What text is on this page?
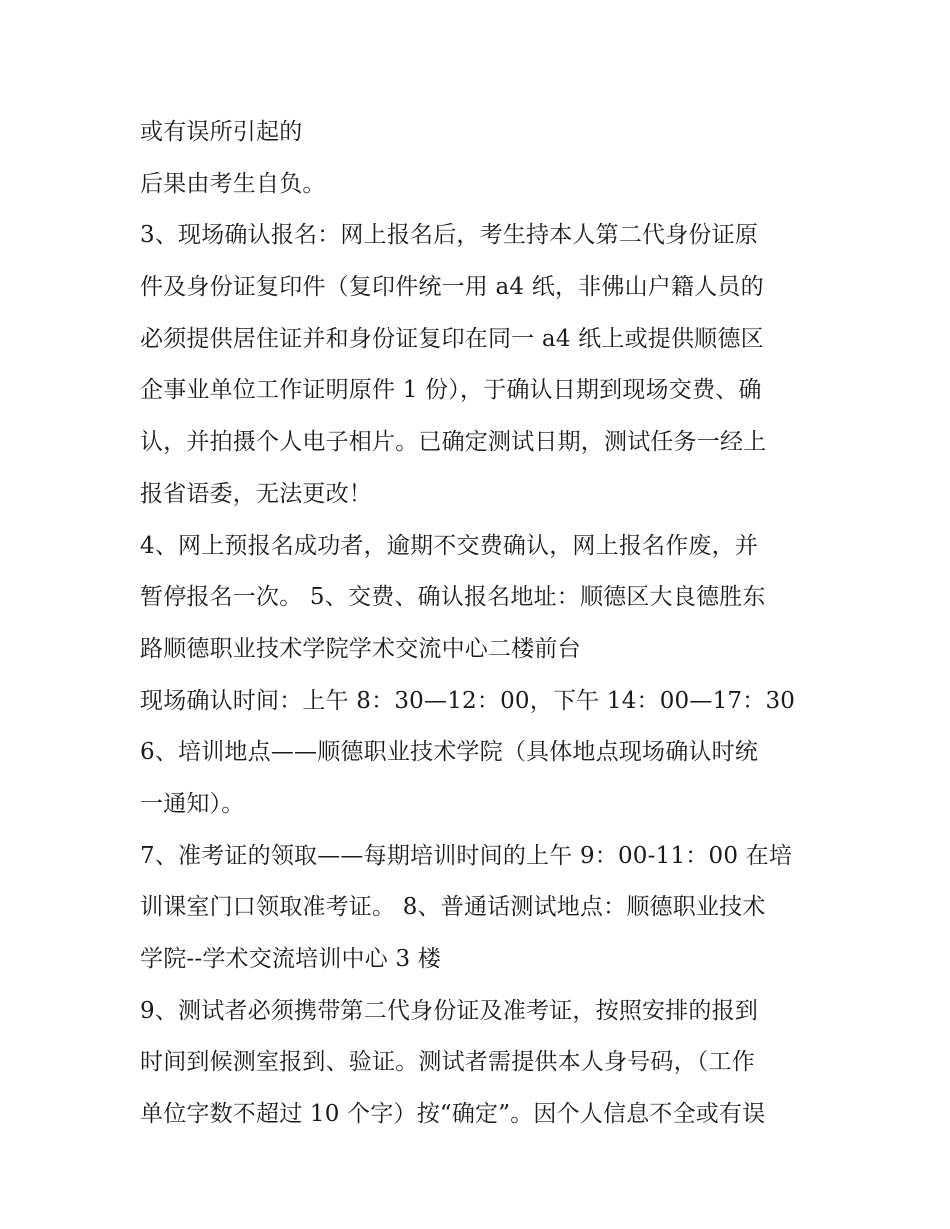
或有误所引起的
后果由考生自负。
3、现场确认报名：网上报名后，考生持本人第二代身份证原
件及身份证复印件（复印件统一用 a4 纸，非佛山户籍人员的
必须提供居住证并和身份证复印在同一 a4 纸上或提供顺德区
企事业单位工作证明原件 1 份），于确认日期到现场交费、确
认，并拍摄个人电子相片。已确定测试日期，测试任务一经上
报省语委，无法更改！
4、网上预报名成功者，逾期不交费确认，网上报名作废，并
暂停报名一次。 5、交费、确认报名地址：顺德区大良德胜东
路顺德职业技术学院学术交流中心二楼前台
现场确认时间：上午 8：30—12：00，下午 14：00—17：30
6、培训地点——顺德职业技术学院（具体地点现场确认时统
一通知）。
7、准考证的领取——每期培训时间的上午 9：00-11：00 在培
训课室门口领取准考证。 8、普通话测试地点：顺德职业技术
学院--学术交流培训中心 3 楼
9、测试者必须携带第二代身份证及准考证，按照安排的报到
时间到候测室报到、验证。测试者需提供本人身号码，（工作
单位字数不超过 10 个字）按“确定”。因个人信息不全或有误
